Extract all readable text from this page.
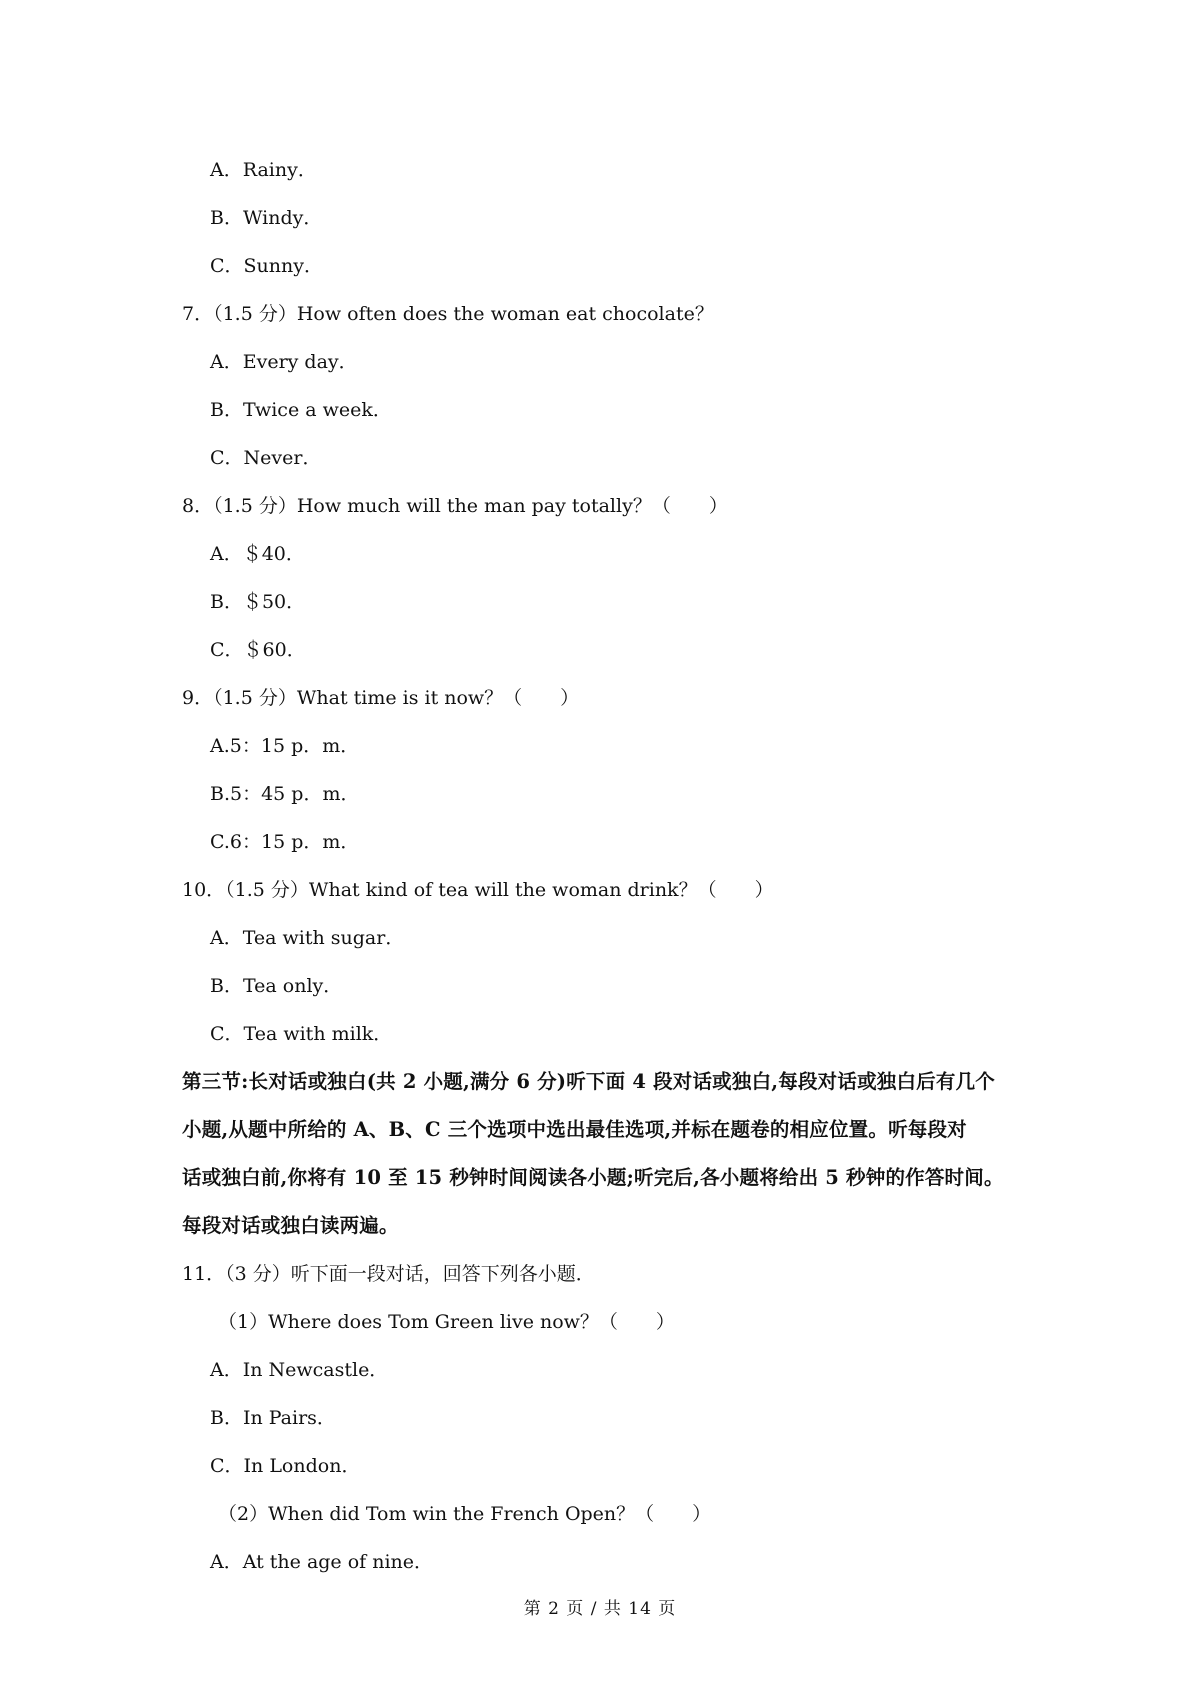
A．Rainy．
B．Windy．
C．Sunny．
7．（1.5 分）How often does the woman eat chocolate？
A．Every day．
B．Twice a week．
C．Never．
8．（1.5 分）How much will the man pay totally？（　　）
A．＄40．
B．＄50．
C．＄60．
9．（1.5 分）What time is it now？（　　）
A.5：15 p．m．
B.5：45 p．m．
C.6：15 p．m．
10．（1.5 分）What kind of tea will the woman drink？（　　）
A．Tea with sugar．
B．Tea only．
C．Tea with milk．
第三节:长对话或独白(共 2 小题,满分 6 分)听下面 4 段对话或独白,每段对话或独白后有几个
小题,从题中所给的 A、B、C 三个选项中选出最佳选项,并标在题卷的相应位置。听每段对
话或独白前,你将有 10 至 15 秒钟时间阅读各小题;听完后,各小题将给出 5 秒钟的作答时间。
每段对话或独白读两遍。
11．（3 分）听下面一段对话，回答下列各小题．
（1）Where does Tom Green live now？（　　）
A．In Newcastle．
B．In Pairs．
C．In London．
（2）When did Tom win the French Open？（　　）
A．At the age of nine．
第 2 页 / 共 14 页
